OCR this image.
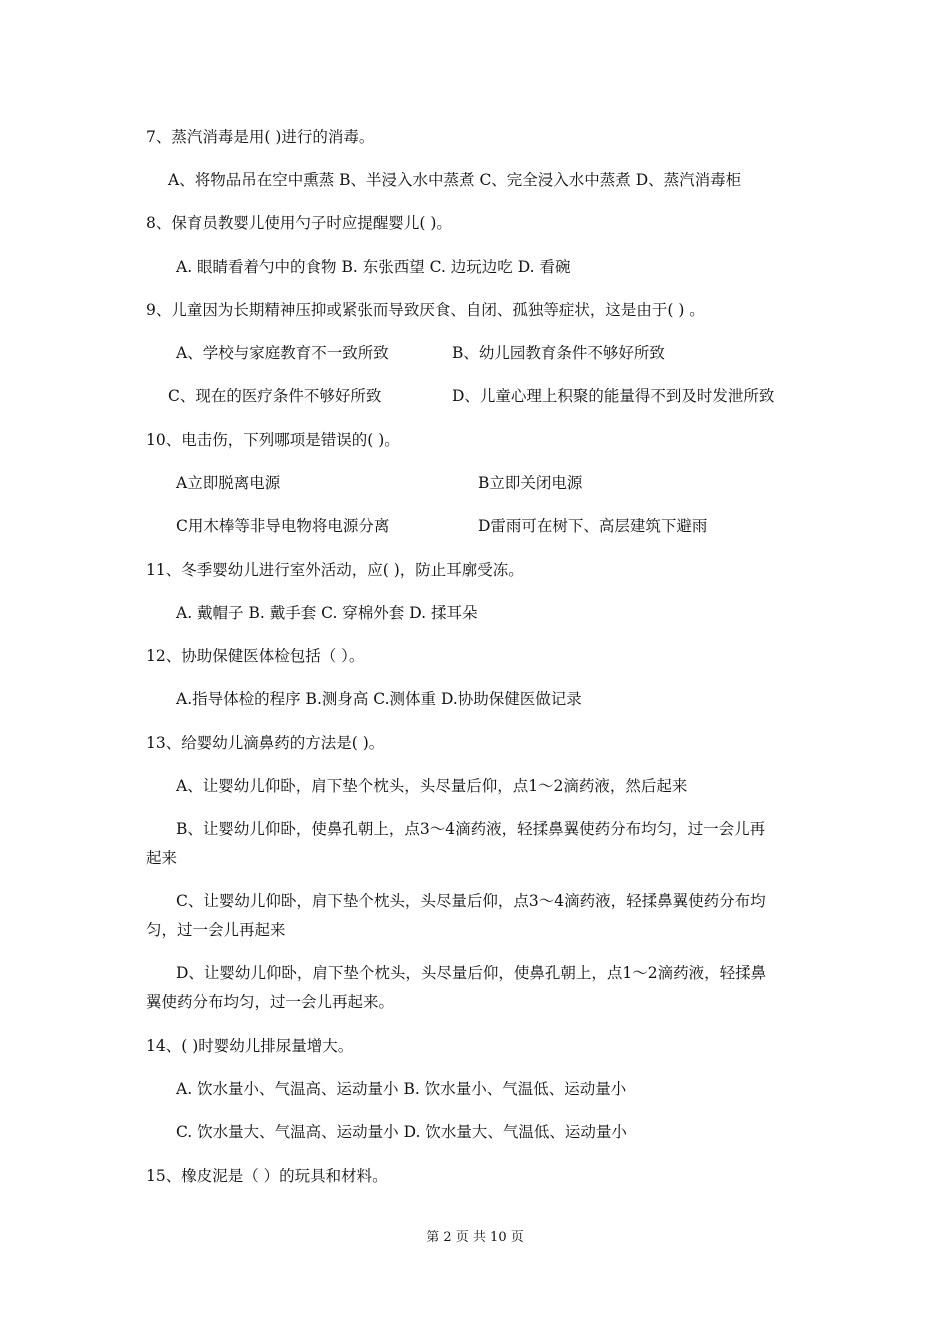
7、蒸汽消毒是用( )进行的消毒。
A、将物品吊在空中熏蒸 B、半浸入水中蒸煮 C、完全浸入水中蒸煮 D、蒸汽消毒柜
8、保育员教婴儿使用勺子时应提醒婴儿( )。
A. 眼睛看着勺中的食物 B. 东张西望 C. 边玩边吃 D. 看碗
9、儿童因为长期精神压抑或紧张而导致厌食、自闭、孤独等症状，这是由于( ) 。
A、学校与家庭教育不一致所致	B、幼儿园教育条件不够好所致
C、现在的医疗条件不够好所致	D、儿童心理上积聚的能量得不到及时发泄所致
10、电击伤，下列哪项是错误的( )。
A立即脱离电源	B立即关闭电源
C用木棒等非导电物将电源分离	D雷雨可在树下、高层建筑下避雨
11、冬季婴幼儿进行室外活动，应( )，防止耳廓受冻。
A. 戴帽子 B. 戴手套 C. 穿棉外套 D. 揉耳朵
12、协助保健医体检包括（ ）。
A.指导体检的程序 B.测身高 C.测体重 D.协助保健医做记录
13、给婴幼儿滴鼻药的方法是( )。
A、让婴幼儿仰卧，肩下垫个枕头，头尽量后仰，点1～2滴药液，然后起来
B、让婴幼儿仰卧，使鼻孔朝上，点3～4滴药液，轻揉鼻翼使药分布均匀，过一会儿再
起来
C、让婴幼儿仰卧，肩下垫个枕头，头尽量后仰，点3～4滴药液，轻揉鼻翼使药分布均
匀，过一会儿再起来
D、让婴幼儿仰卧，肩下垫个枕头，头尽量后仰，使鼻孔朝上，点1～2滴药液，轻揉鼻
翼使药分布均匀，过一会儿再起来。
14、( )时婴幼儿排尿量增大。
A. 饮水量小、气温高、运动量小 B. 饮水量小、气温低、运动量小
C. 饮水量大、气温高、运动量小 D. 饮水量大、气温低、运动量小
15、橡皮泥是（ ）的玩具和材料。
第 2 页 共 10 页
